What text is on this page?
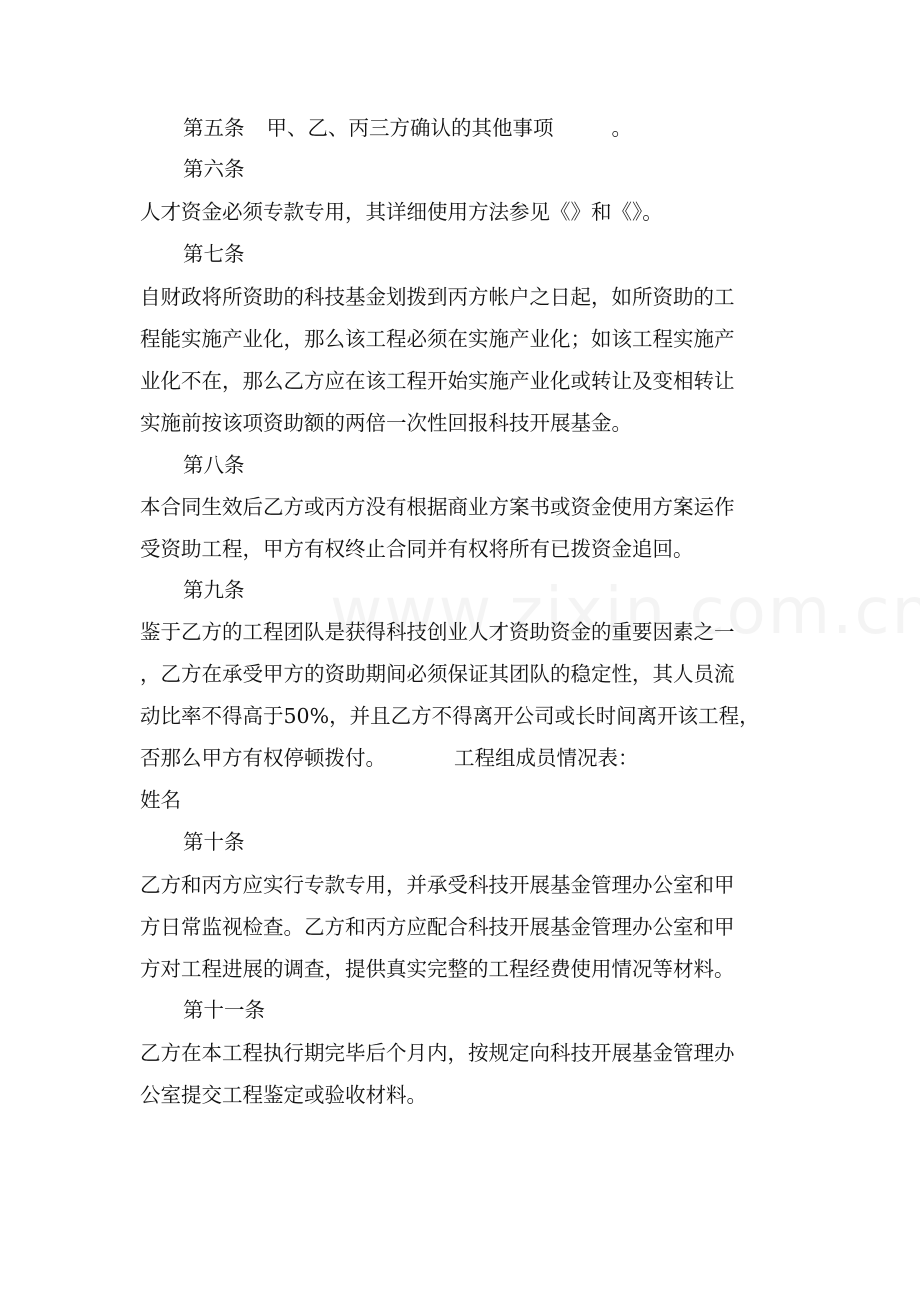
第五条 甲、乙、丙三方确认的其他事项	。
第六条
人才资金必须专款专用，其详细使用方法参见《》和《》。
第七条
自财政将所资助的科技基金划拨到丙方帐户之日起，如所资助的工
程能实施产业化，那么该工程必须在实施产业化；如该工程实施产
业化不在，那么乙方应在该工程开始实施产业化或转让及变相转让
实施前按该项资助额的两倍一次性回报科技开展基金。
第八条
本合同生效后乙方或丙方没有根据商业方案书或资金使用方案运作
受资助工程，甲方有权终止合同并有权将所有已拨资金追回。
第九条
鉴于乙方的工程团队是获得科技创业人才资助资金的重要因素之一
，乙方在承受甲方的资助期间必须保证其团队的稳定性，其人员流
动比率不得高于50%，并且乙方不得离开公司或长时间离开该工程，
否那么甲方有权停顿拨付。	工程组成员情况表：
姓名
第十条
乙方和丙方应实行专款专用，并承受科技开展基金管理办公室和甲
方日常监视检查。乙方和丙方应配合科技开展基金管理办公室和甲
方对工程进展的调查，提供真实完整的工程经费使用情况等材料。
第十一条
乙方在本工程执行期完毕后个月内，按规定向科技开展基金管理办
公室提交工程鉴定或验收材料。
